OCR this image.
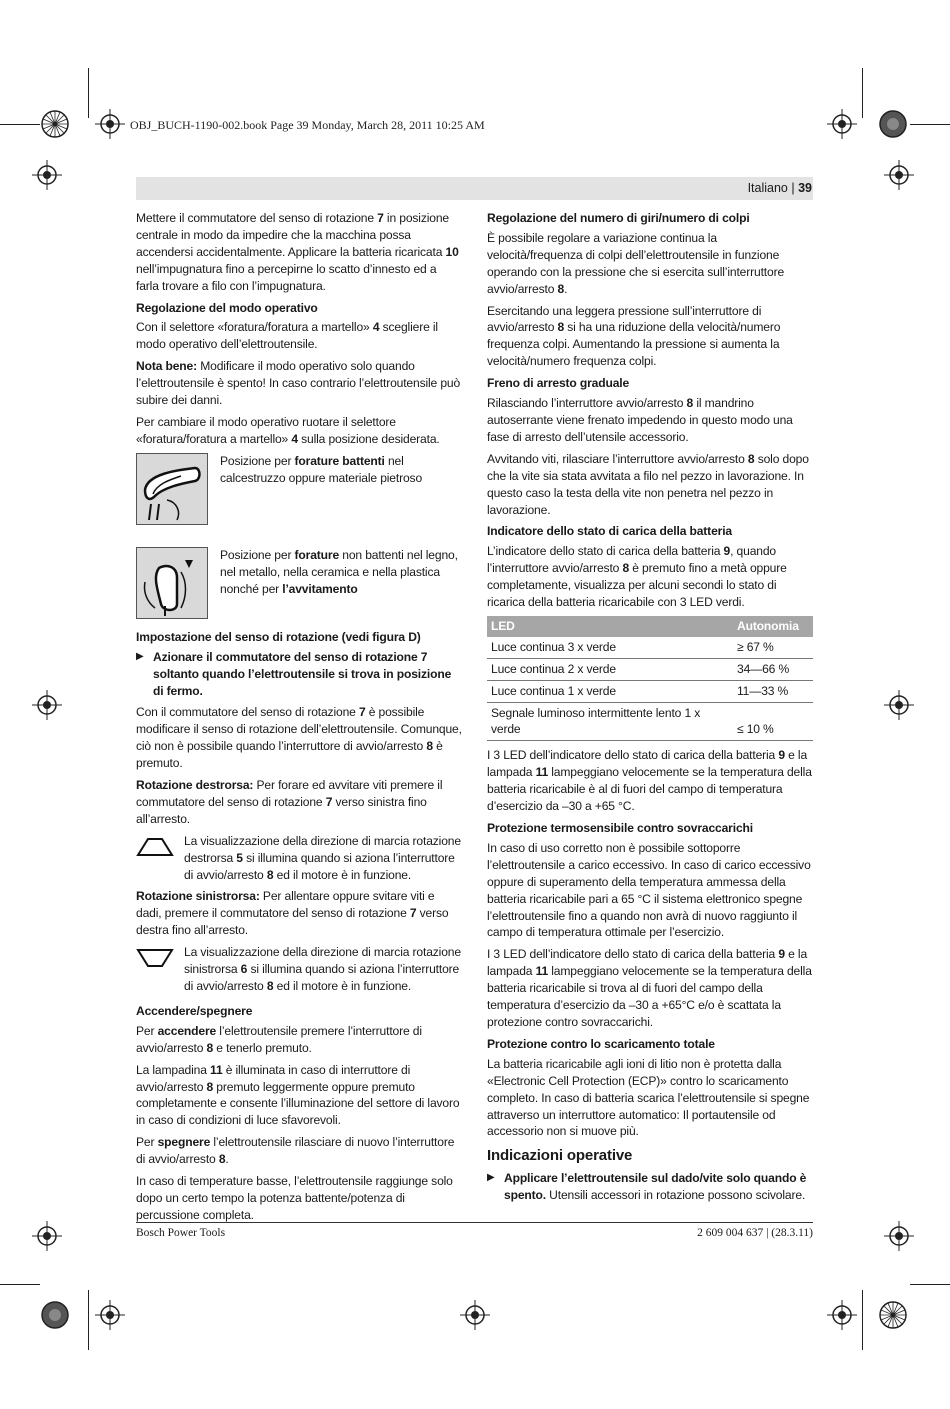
OBJ_BUCH-1190-002.book Page 39 Monday, March 28, 2011 10:25 AM
Italiano | 39

Mettere il commutatore del senso di rotazione 7 in posizione centrale in modo da impedire che la macchina possa accendersi accidentalmente. Applicare la batteria ricaricata 10 nell’impugnatura fino a percepirne lo scatto d’innesto ed a farla trovare a filo con l’impugnatura.

Regolazione del modo operativo

Con il selettore «foratura/foratura a martello» 4 scegliere il modo operativo dell’elettroutensile.

Nota bene: Modificare il modo operativo solo quando l’elettroutensile è spento! In caso contrario l’elettroutensile può subire dei danni.

Per cambiare il modo operativo ruotare il selettore «foratura/foratura a martello» 4 sulla posizione desiderata.

Posizione per forature battenti nel calcestruzzo oppure materiale pietroso
Posizione per forature non battenti nel legno, nel metallo, nella ceramica e nella plastica nonché per l’avvitamento
Impostazione del senso di rotazione (vedi figura D)
▶ Azionare il commutatore del senso di rotazione 7 soltanto quando l’elettroutensile si trova in posizione di fermo.

Con il commutatore del senso di rotazione 7 è possibile modificare il senso di rotazione dell’elettroutensile. Comunque, ciò non è possibile quando l’interruttore di avvio/arresto 8 è premuto.

Rotazione destrorsa: Per forare ed avvitare viti premere il commutatore del senso di rotazione 7 verso sinistra fino all’arresto.

La visualizzazione della direzione di marcia rotazione destrorsa 5 si illumina quando si aziona l’interruttore di avvio/arresto 8 ed il motore è in funzione.

Rotazione sinistrorsa: Per allentare oppure svitare viti e dadi, premere il commutatore del senso di rotazione 7 verso destra fino all’arresto.

La visualizzazione della direzione di marcia rotazione sinistrorsa 6 si illumina quando si aziona l’interruttore di avvio/arresto 8 ed il motore è in funzione.
Accendere/spegnere

Per accendere l’elettroutensile premere l’interruttore di avvio/arresto 8 e tenerlo premuto.

La lampadina 11 è illuminata in caso di interruttore di avvio/arresto 8 premuto leggermente oppure premuto completamente e consente l’illuminazione del settore di lavoro in caso di condizioni di luce sfavorevoli.

Per spegnere l’elettroutensile rilasciare di nuovo l’interruttore di avvio/arresto 8.

In caso di temperature basse, l’elettroutensile raggiunge solo dopo un certo tempo la potenza battente/potenza di percussione completa.

Regolazione del numero di giri/numero di colpi

È possibile regolare a variazione continua la velocità/frequenza di colpi dell’elettroutensile in funzione operando con la pressione che si esercita sull’interruttore avvio/arresto 8.

Esercitando una leggera pressione sull’interruttore di avvio/arresto 8 si ha una riduzione della velocità/numero frequenza colpi. Aumentando la pressione si aumenta la velocità/numero frequenza colpi.

Freno di arresto graduale

Rilasciando l’interruttore avvio/arresto 8 il mandrino autoserrante viene frenato impedendo in questo modo una fase di arresto dell’utensile accessorio.

Avvitando viti, rilasciare l’interruttore avvio/arresto 8 solo dopo che la vite sia stata avvitata a filo nel pezzo in lavorazione. In questo caso la testa della vite non penetra nel pezzo in lavorazione.

Indicatore dello stato di carica della batteria

L’indicatore dello stato di carica della batteria 9, quando l’interruttore avvio/arresto 8 è premuto fino a metà oppure completamente, visualizza per alcuni secondi lo stato di ricarica della batteria ricaricabile con 3 LED verdi.

LED	Autonomia
Luce continua 3 x verde	≥ 67 %
Luce continua 2 x verde	34—66 %
Luce continua 1 x verde	11—33 %
Segnale luminoso intermittente lento 1 x verde	≤ 10 %

I 3 LED dell’indicatore dello stato di carica della batteria 9 e la lampada 11 lampeggiano velocemente se la temperatura della batteria ricaricabile è al di fuori del campo di temperatura d’esercizio da –30 a +65 °C.

Protezione termosensibile contro sovraccarichi

In caso di uso corretto non è possibile sottoporre l’elettroutensile a carico eccessivo. In caso di carico eccessivo oppure di superamento della temperatura ammessa della batteria ricaricabile pari a 65 °C il sistema elettronico spegne l’elettroutensile fino a quando non avrà di nuovo raggiunto il campo di temperatura ottimale per l’esercizio.

I 3 LED dell’indicatore dello stato di carica della batteria 9 e la lampada 11 lampeggiano velocemente se la temperatura della batteria ricaricabile si trova al di fuori del campo della temperatura d’esercizio da –30 a +65°C e/o è scattata la protezione contro sovraccarichi.

Protezione contro lo scaricamento totale

La batteria ricaricabile agli ioni di litio non è protetta dalla «Electronic Cell Protection (ECP)» contro lo scaricamento completo. In caso di batteria scarica l’elettroutensile si spegne attraverso un interruttore automatico: Il portautensile od accessorio non si muove più.

Indicazioni operative
▶ Applicare l’elettroutensile sul dado/vite solo quando è spento. Utensili accessori in rotazione possono scivolare.
Bosch Power Tools	2 609 004 637 | (28.3.11)
